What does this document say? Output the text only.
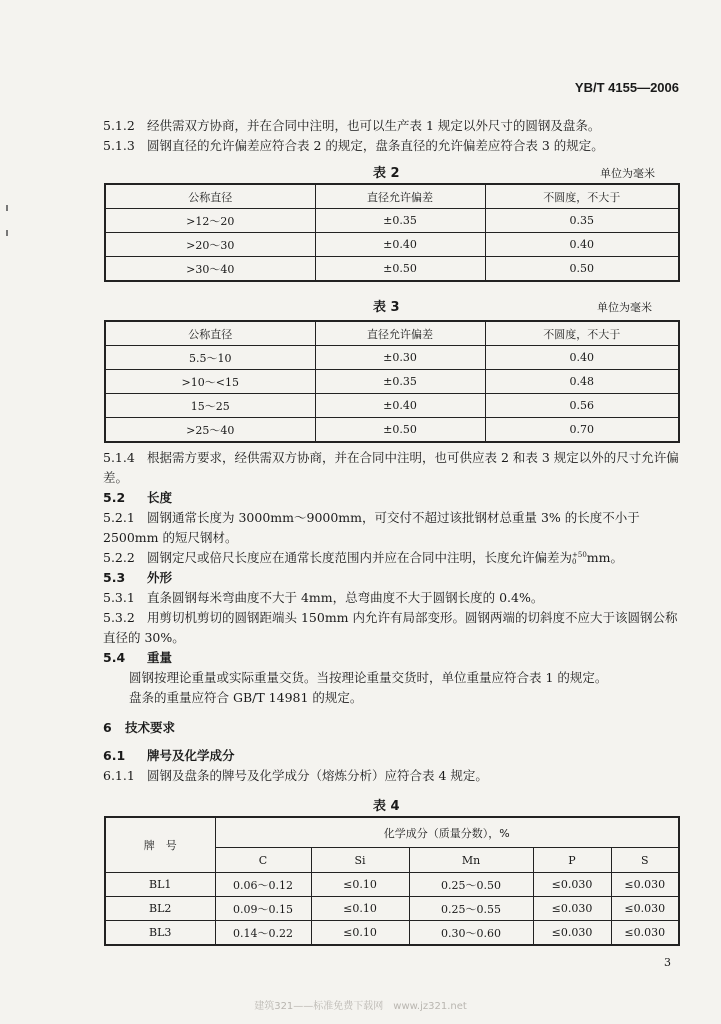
YB/T 4155—2006
5.1.2 经供需双方协商，并在合同中注明，也可以生产表 1 规定以外尺寸的圆钢及盘条。
5.1.3 圆钢直径的允许偏差应符合表 2 的规定，盘条直径的允许偏差应符合表 3 的规定。
表 2	单位为毫米
公称直径	直径允许偏差	不圆度，不大于
>12～20	±0.35	0.35
>20～30	±0.40	0.40
>30～40	±0.50	0.50
表 3	单位为毫米
公称直径	直径允许偏差	不圆度，不大于
5.5～10	±0.30	0.40
>10～<15	±0.35	0.48
15～25	±0.40	0.56
>25～40	±0.50	0.70
5.1.4 根据需方要求，经供需双方协商，并在合同中注明，也可供应表 2 和表 3 规定以外的尺寸允许偏差。
5.2 长度
5.2.1 圆钢通常长度为 3000mm～9000mm，可交付不超过该批钢材总重量 3% 的长度不小于 2500mm 的短尺钢材。
5.2.2 圆钢定尺或倍尺长度应在通常长度范围内并应在合同中注明，长度允许偏差为 +50
0 mm。
5.3 外形
5.3.1 直条圆钢每米弯曲度不大于 4mm，总弯曲度不大于圆钢长度的 0.4%。
5.3.2 用剪切机剪切的圆钢距端头 150mm 内允许有局部变形。圆钢两端的切斜度不应大于该圆钢公称直径的 30%。
5.4 重量
圆钢按理论重量或实际重量交货。当按理论重量交货时，单位重量应符合表 1 的规定。
盘条的重量应符合 GB/T 14981 的规定。
6 技术要求
6.1 牌号及化学成分
6.1.1 圆钢及盘条的牌号及化学成分（熔炼分析）应符合表 4 规定。
表 4
牌　号	化学成分（质量分数），%				
	C	Si	Mn	P	S
BL1	0.06～0.12	≤0.10	0.25～0.50	≤0.030	≤0.030
BL2	0.09～0.15	≤0.10	0.25～0.55	≤0.030	≤0.030
BL3	0.14～0.22	≤0.10	0.30～0.60	≤0.030	≤0.030
3
建筑321——标准免费下载网　www.jz321.net
